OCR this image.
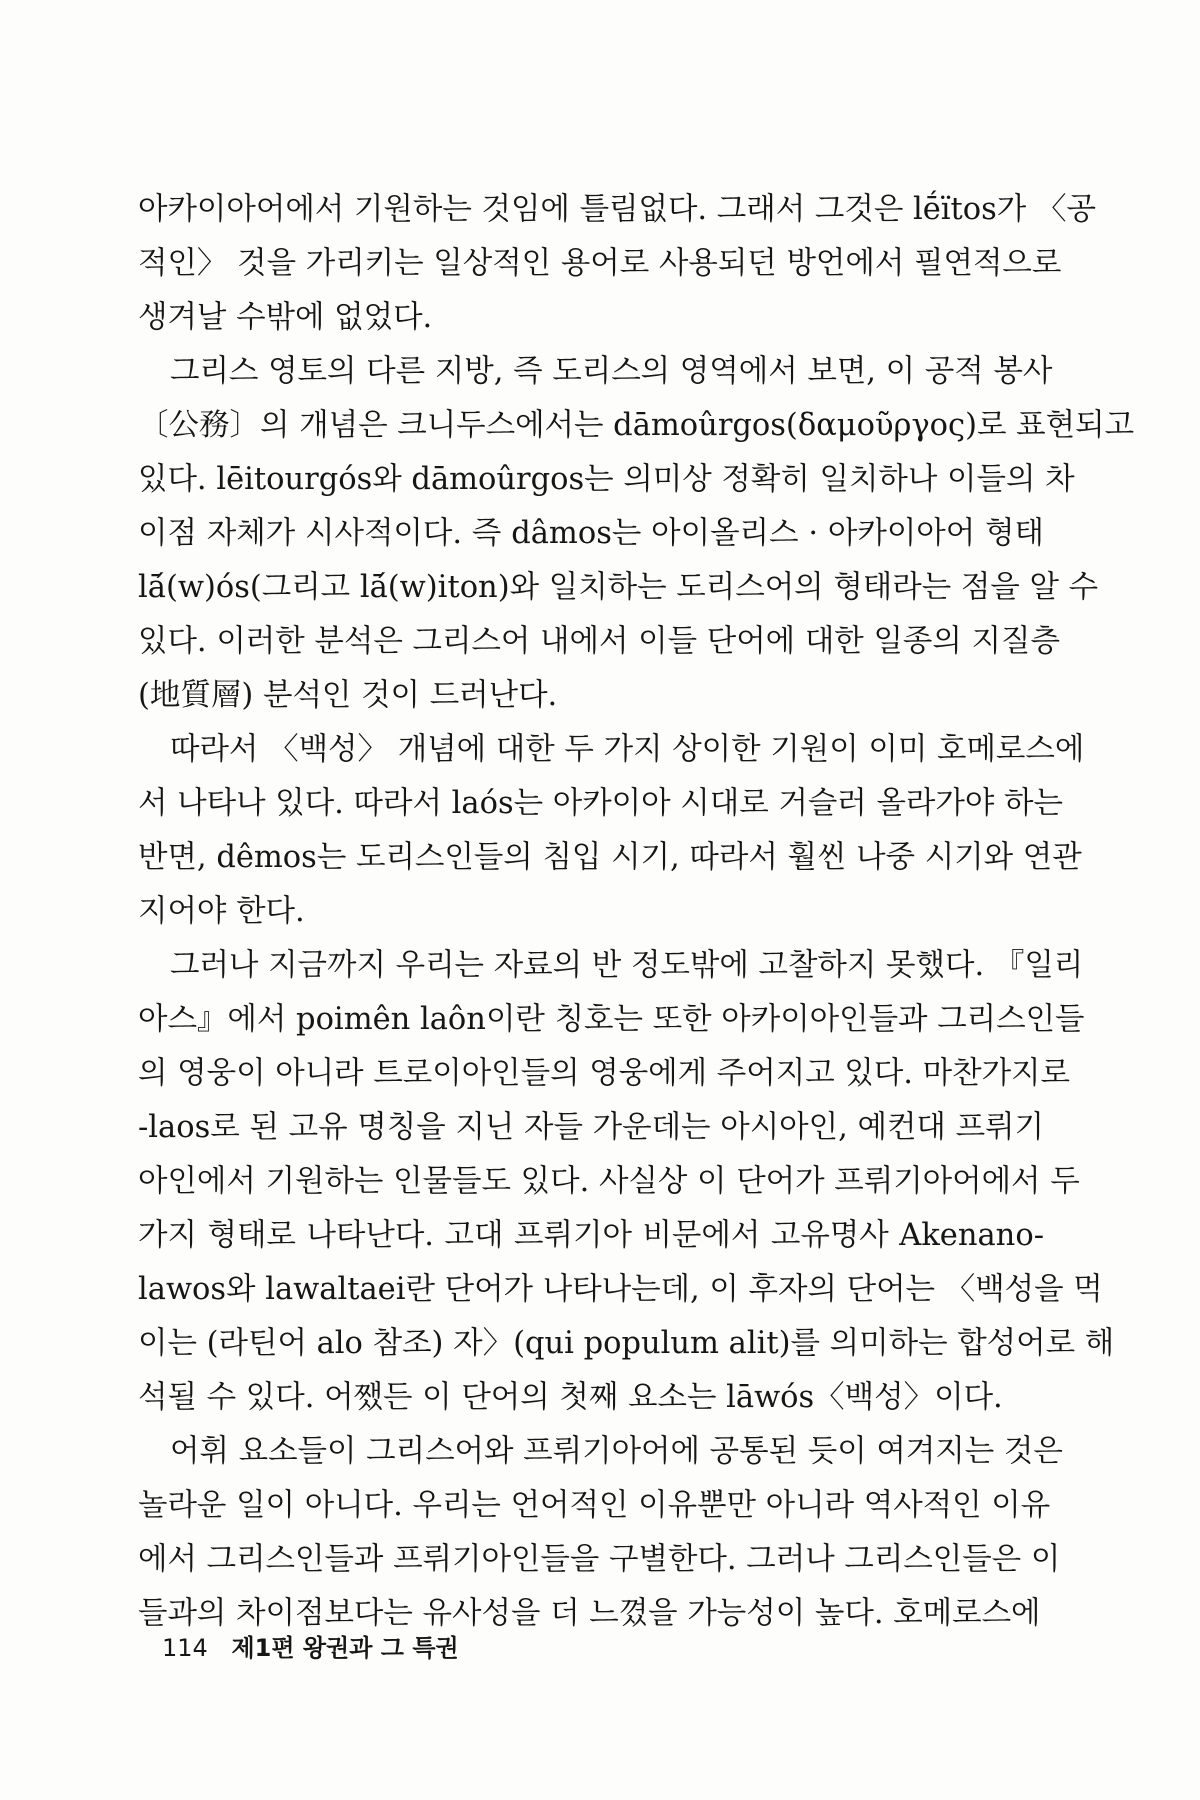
아카이아어에서 기원하는 것임에 틀림없다. 그래서 그것은 lḗïtos가 〈공
적인〉 것을 가리키는 일상적인 용어로 사용되던 방언에서 필연적으로
생겨날 수밖에 없었다.

그리스 영토의 다른 지방, 즉 도리스의 영역에서 보면, 이 공적 봉사
〔公務〕의 개념은 크니두스에서는 dāmoûrgos(δαμοῦργος)로 표현되고
있다. lēitourgós와 dāmoûrgos는 의미상 정확히 일치하나 이들의 차
이점 자체가 시사적이다. 즉 dâmos는 아이올리스 · 아카이아어 형태
lā́(w)ós(그리고 lā́(w)iton)와 일치하는 도리스어의 형태라는 점을 알 수
있다. 이러한 분석은 그리스어 내에서 이들 단어에 대한 일종의 지질층
(地質層) 분석인 것이 드러난다.

따라서 〈백성〉 개념에 대한 두 가지 상이한 기원이 이미 호메로스에
서 나타나 있다. 따라서 laós는 아카이아 시대로 거슬러 올라가야 하는
반면, dêmos는 도리스인들의 침입 시기, 따라서 훨씬 나중 시기와 연관
지어야 한다.

그러나 지금까지 우리는 자료의 반 정도밖에 고찰하지 못했다. 『일리
아스』에서 poimên laôn이란 칭호는 또한 아카이아인들과 그리스인들
의 영웅이 아니라 트로이아인들의 영웅에게 주어지고 있다. 마찬가지로
-laos로 된 고유 명칭을 지닌 자들 가운데는 아시아인, 예컨대 프뤼기
아인에서 기원하는 인물들도 있다. 사실상 이 단어가 프뤼기아어에서 두
가지 형태로 나타난다. 고대 프뤼기아 비문에서 고유명사 Akenano-
lawos와 lawaltaei란 단어가 나타나는데, 이 후자의 단어는 〈백성을 먹
이는 (라틴어 alo 참조) 자〉(qui populum alit)를 의미하는 합성어로 해
석될 수 있다. 어쨌든 이 단어의 첫째 요소는 lāwós〈백성〉이다.

어휘 요소들이 그리스어와 프뤼기아어에 공통된 듯이 여겨지는 것은
놀라운 일이 아니다. 우리는 언어적인 이유뿐만 아니라 역사적인 이유
에서 그리스인들과 프뤼기아인들을 구별한다. 그러나 그리스인들은 이
들과의 차이점보다는 유사성을 더 느꼈을 가능성이 높다. 호메로스에

114 제1편 왕권과 그 특권
